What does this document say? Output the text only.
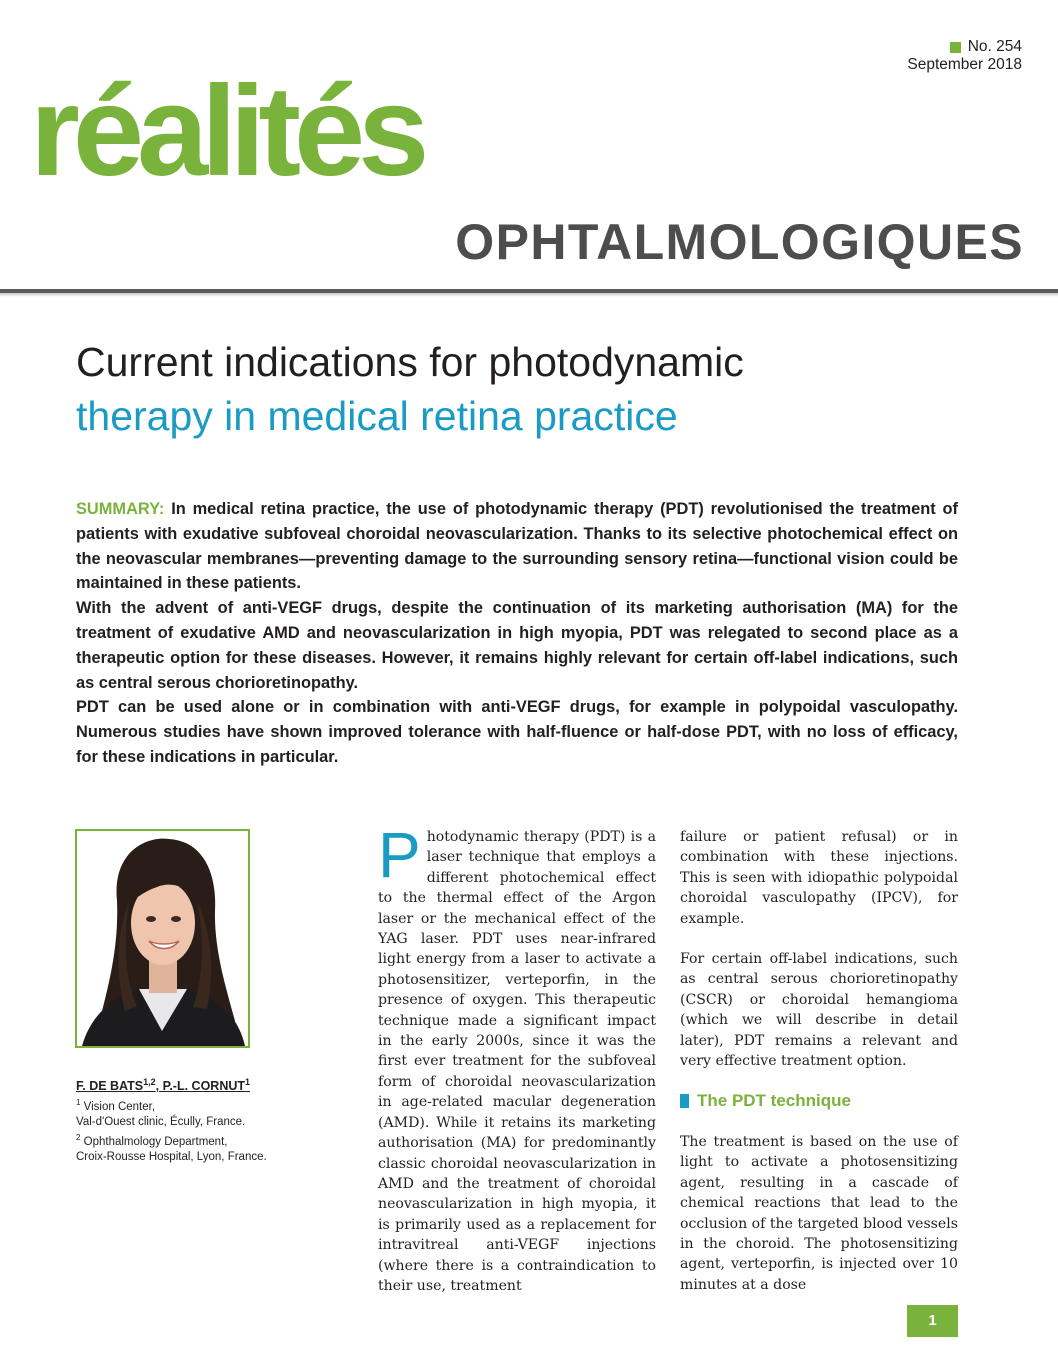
No. 254
September 2018
réalités
OPHTALMOLOGIQUES
Current indications for photodynamic
therapy in medical retina practice

SUMMARY: In medical retina practice, the use of photodynamic therapy (PDT) revolutionised the treatment of patients with exudative subfoveal choroidal neovascularization. Thanks to its selective photochemical effect on the neovascular membranes—preventing damage to the surrounding sensory retina—functional vision could be maintained in these patients.

With the advent of anti-VEGF drugs, despite the continuation of its marketing authorisation (MA) for the treatment of exudative AMD and neovascularization in high myopia, PDT was relegated to second place as a therapeutic option for these diseases. However, it remains highly relevant for certain off-label indications, such as central serous chorioretinopathy.

PDT can be used alone or in combination with anti-VEGF drugs, for example in polypoidal vasculopathy. Numerous studies have shown improved tolerance with half-fluence or half-dose PDT, with no loss of efficacy, for these indications in particular.

F. DE BATS$^{1,2}$, P.-L. CORNUT$^1$

$^1$ Vision Center,

Val-d'Ouest clinic, Écully, France.

$^2$ Ophthalmology Department,

Croix-Rousse Hospital, Lyon, France.

Photodynamic therapy (PDT) is a laser technique that employs a different photochemical effect to the thermal effect of the Argon laser or the mechanical effect of the YAG laser. PDT uses near-infrared light energy from a laser to activate a photosensitizer, verteporfin, in the presence of oxygen. This therapeutic technique made a significant impact in the early 2000s, since it was the first ever treatment for the subfoveal form of choroidal neovascularization in age-related macular degeneration (AMD). While it retains its marketing authorisation (MA) for predominantly classic choroidal neovascularization in AMD and the treatment of choroidal neovascularization in high myopia, it is primarily used as a replacement for intravitreal anti-VEGF injections (where there is a contraindication to their use, treatment

failure or patient refusal) or in combination with these injections. This is seen with idiopathic polypoidal choroidal vasculopathy (IPCV), for example.

For certain off-label indications, such as central serous chorioretinopathy (CSCR) or choroidal hemangioma (which we will describe in detail later), PDT remains a relevant and very effective treatment option.

The PDT technique

The treatment is based on the use of light to activate a photosensitizing agent, resulting in a cascade of chemical reactions that lead to the occlusion of the targeted blood vessels in the choroid. The photosensitizing agent, verteporfin, is injected over 10 minutes at a dose

1
